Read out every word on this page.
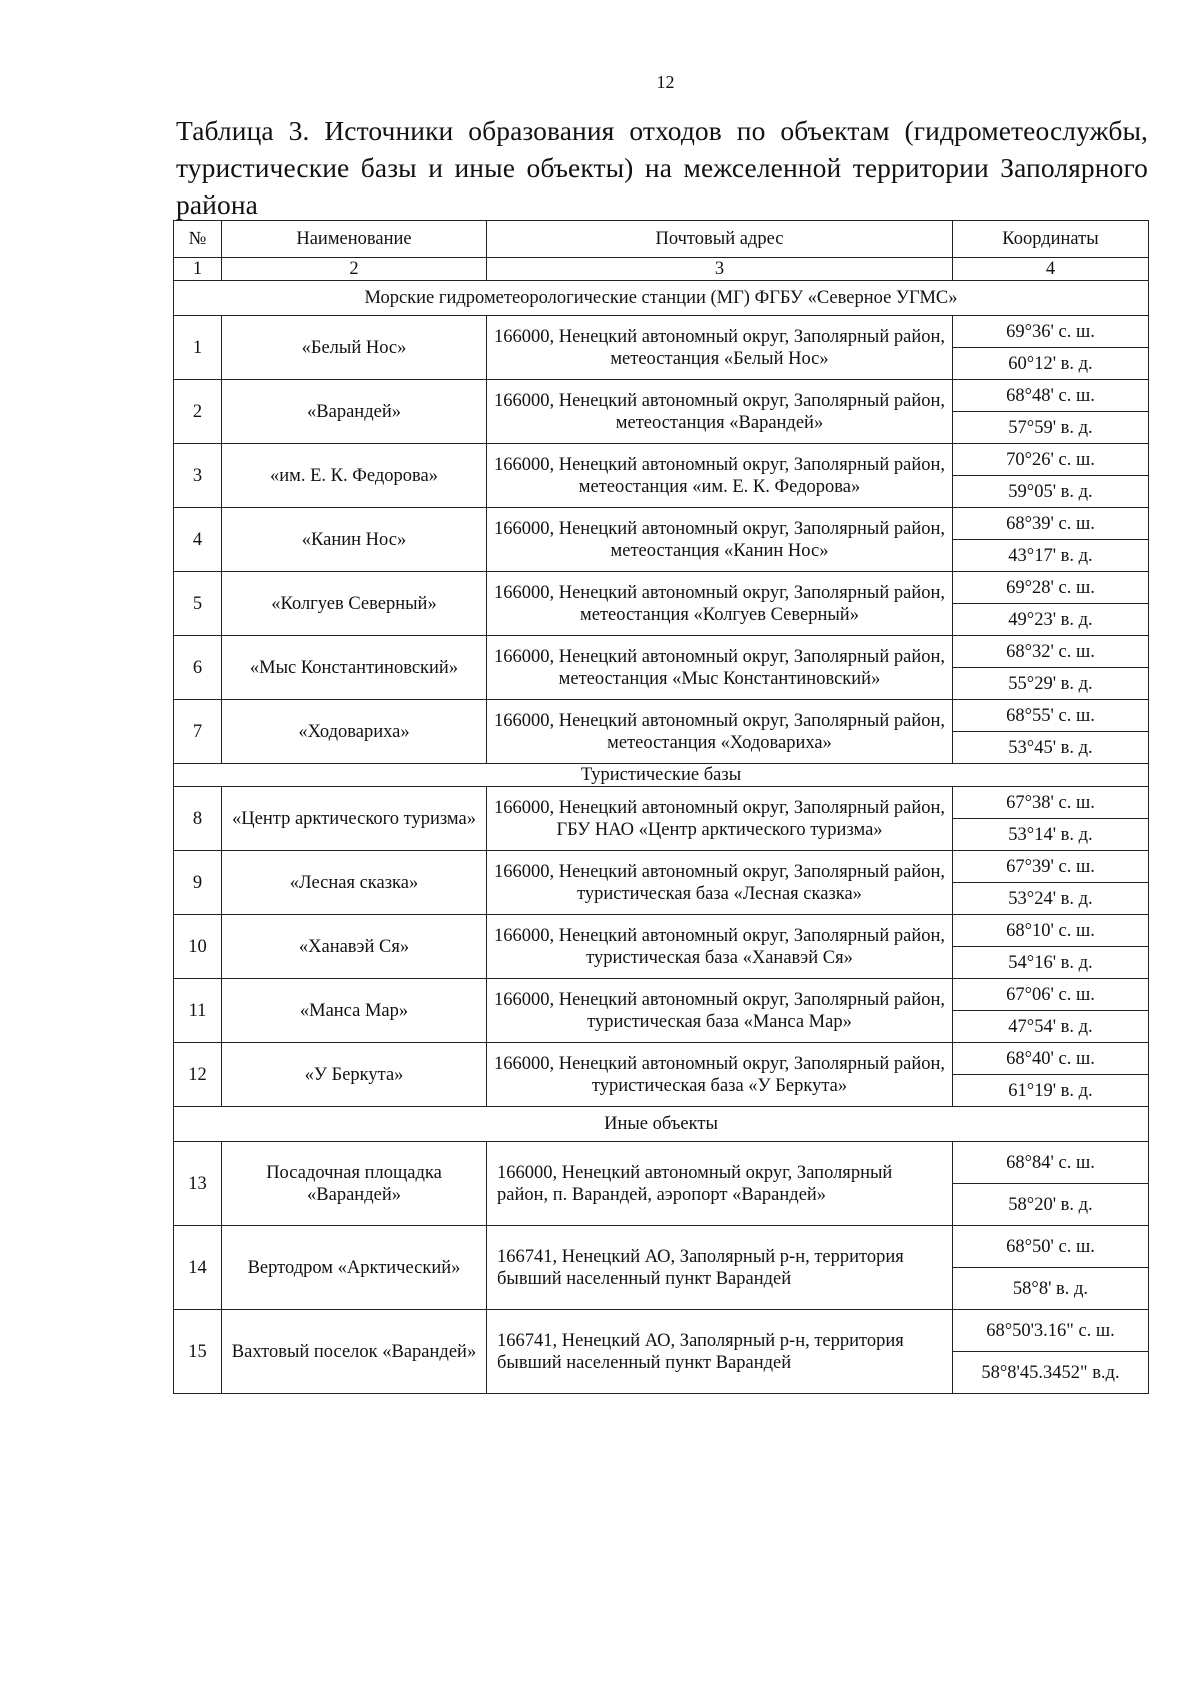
12
Таблица 3. Источники образования отходов по объектам (гидрометеослужбы, туристические базы и иные объекты) на межселенной территории Заполярного района
№	Наименование	Почтовый адрес	Координаты
1	2	3	4
Морские гидрометеорологические станции (МГ) ФГБУ «Северное УГМС»			
1	«Белый Нос»	166000, Ненецкий автономный округ, Заполярный район, метеостанция «Белый Нос»	69°36' с. ш.
			60°12' в. д.
2	«Варандей»	166000, Ненецкий автономный округ, Заполярный район, метеостанция «Варандей»	68°48' с. ш.
			57°59' в. д.
3	«им. Е. К. Федорова»	166000, Ненецкий автономный округ, Заполярный район, метеостанция «им. Е. К. Федорова»	70°26' с. ш.
			59°05' в. д.
4	«Канин Нос»	166000, Ненецкий автономный округ, Заполярный район, метеостанция «Канин Нос»	68°39' с. ш.
			43°17' в. д.
5	«Колгуев Северный»	166000, Ненецкий автономный округ, Заполярный район, метеостанция «Колгуев Северный»	69°28' с. ш.
			49°23' в. д.
6	«Мыс Константиновский»	166000, Ненецкий автономный округ, Заполярный район, метеостанция «Мыс Константиновский»	68°32' с. ш.
			55°29' в. д.
7	«Ходовариха»	166000, Ненецкий автономный округ, Заполярный район, метеостанция «Ходовариха»	68°55' с. ш.
			53°45' в. д.
Туристические базы			
8	«Центр арктического туризма»	166000, Ненецкий автономный округ, Заполярный район, ГБУ НАО «Центр арктического туризма»	67°38' с. ш.
			53°14' в. д.
9	«Лесная сказка»	166000, Ненецкий автономный округ, Заполярный район, туристическая база «Лесная сказка»	67°39' с. ш.
			53°24' в. д.
10	«Ханавэй Ся»	166000, Ненецкий автономный округ, Заполярный район, туристическая база «Ханавэй Ся»	68°10' с. ш.
			54°16' в. д.
11	«Манса Мар»	166000, Ненецкий автономный округ, Заполярный район, туристическая база «Манса Мар»	67°06' с. ш.
			47°54' в. д.
12	«У Беркута»	166000, Ненецкий автономный округ, Заполярный район, туристическая база «У Беркута»	68°40' с. ш.
			61°19' в. д.
Иные объекты			
13	Посадочная площадка «Варандей»	166000, Ненецкий автономный округ, Заполярный район, п. Варандей, аэропорт «Варандей»	68°84' с. ш.
			58°20' в. д.
14	Вертодром «Арктический»	166741, Ненецкий АО, Заполярный р-н, территория бывший населенный пункт Варандей	68°50' с. ш.
			58°8' в. д.
15	Вахтовый поселок «Варандей»	166741, Ненецкий АО, Заполярный р-н, территория бывший населенный пункт Варандей	68°50'3.16" с. ш.
			58°8'45.3452" в.д.
